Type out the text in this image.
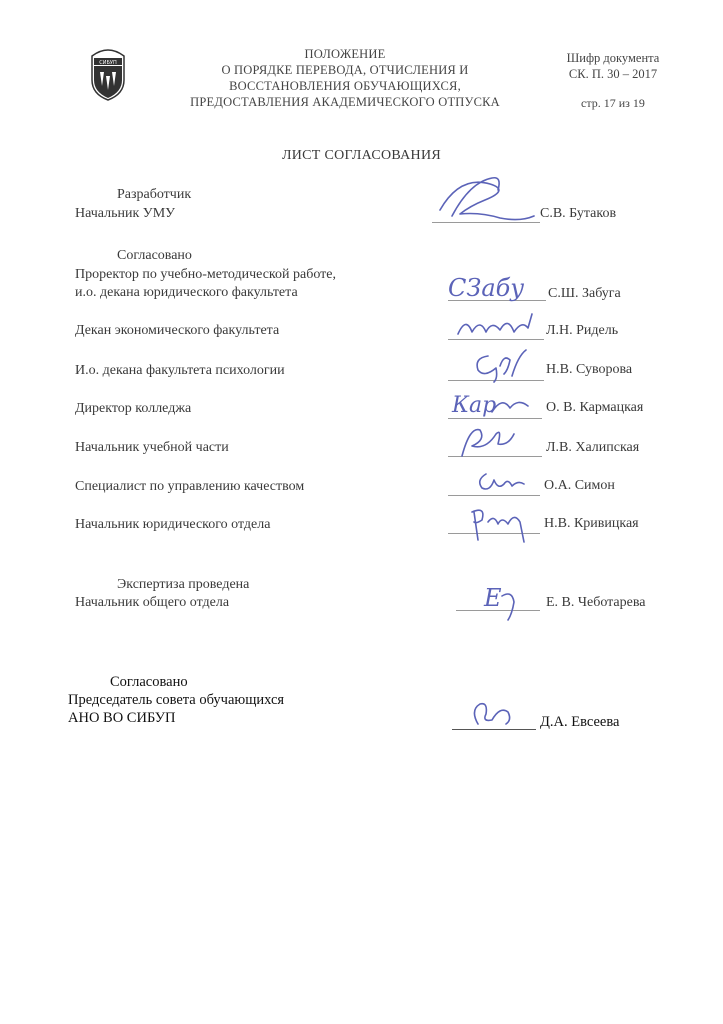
СИБУП
ПОЛОЖЕНИЕ
О ПОРЯДКЕ ПЕРЕВОДА, ОТЧИСЛЕНИЯ И
ВОССТАНОВЛЕНИЯ ОБУЧАЮЩИХСЯ,
ПРЕДОСТАВЛЕНИЯ АКАДЕМИЧЕСКОГО ОТПУСКА
Шифр документа
СК. П. 30 – 2017
стр. 17 из 19
ЛИСТ СОГЛАСОВАНИЯ
Разработчик
Начальник УМУ	С.В. Бутаков
Согласовано
Проректор по учебно-методической работе,
и.о. декана юридического факультета	СЗабу С.Ш. Забуга
Декан экономического факультета	Л.Н. Ридель
И.о. декана факультета психологии	Н.В. Суворова
Директор колледжа	Кар	О. В. Кармацкая
Начальник учебной части	Л.В. Халипская
Специалист по управлению качеством	О.А. Симон
Начальник юридического отдела	Н.В. Кривицкая
Экспертиза проведена
Начальник общего отдела	Е	Е. В. Чеботарева
Согласовано
Председатель совета обучающихся
АНО ВО СИБУП	Д.А. Евсеева
